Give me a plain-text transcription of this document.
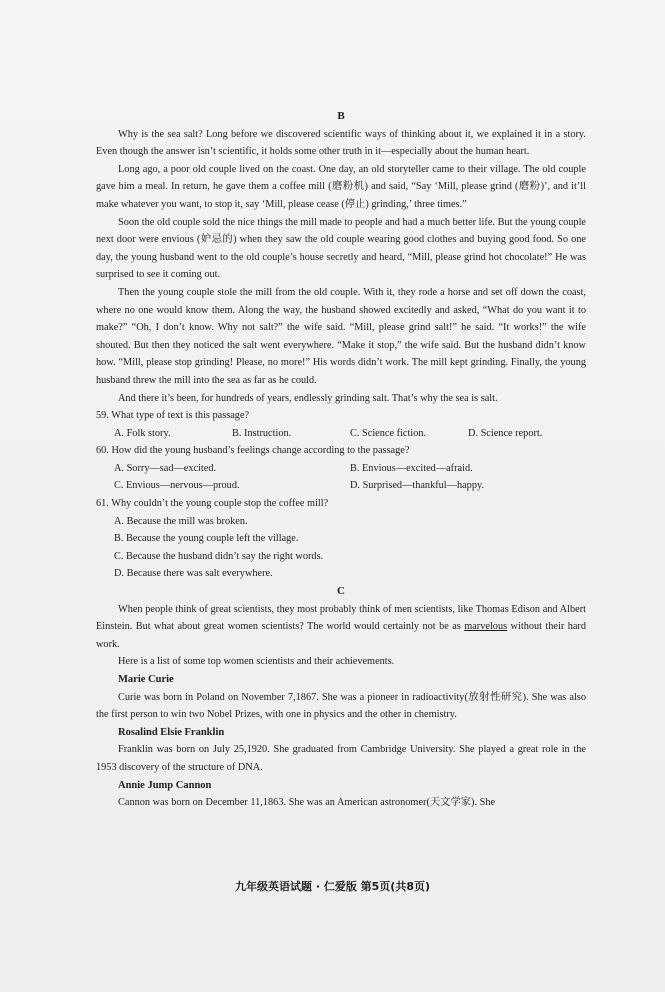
B

Why is the sea salt? Long before we discovered scientific ways of thinking about it, we explained it in a story. Even though the answer isn’t scientific, it holds some other truth in it—especially about the human heart.

Long ago, a poor old couple lived on the coast. One day, an old storyteller came to their village. The old couple gave him a meal. In return, he gave them a coffee mill (磨粉机) and said, “Say ‘Mill, please grind (磨粉)’, and it’ll make whatever you want, to stop it, say ‘Mill, please cease (停止) grinding,’ three times.”

Soon the old couple sold the nice things the mill made to people and had a much better life. But the young couple next door were envious (妒忌的) when they saw the old couple wearing good clothes and buying good food. So one day, the young husband went to the old couple’s house secretly and heard, “Mill, please grind hot chocolate!” He was surprised to see it coming out.

Then the young couple stole the mill from the old couple. With it, they rode a horse and set off down the coast, where no one would know them. Along the way, the husband showed excitedly and asked, “What do you want it to make?” “Oh, I don’t know. Why not salt?” the wife said. “Mill, please grind salt!” he said. “It works!” the wife shouted. But then they noticed the salt went everywhere. “Make it stop,” the wife said. But the husband didn’t know how. “Mill, please stop grinding! Please, no more!” His words didn’t work. The mill kept grinding. Finally, the young husband threw the mill into the sea as far as he could.

And there it’s been, for hundreds of years, endlessly grinding salt. That’s why the sea is salt.

59. What type of text is this passage?

A. Folk story.	B. Instruction.	C. Science fiction.	D. Science report.

60. How did the young husband’s feelings change according to the passage?

A. Sorry—sad—excited.	B. Envious—excited—afraid.
C. Envious—nervous—proud.	D. Surprised—thankful—happy.

61. Why couldn’t the young couple stop the coffee mill?

A. Because the mill was broken.
B. Because the young couple left the village.
C. Because the husband didn’t say the right words.
D. Because there was salt everywhere.

C

When people think of great scientists, they most probably think of men scientists, like Thomas Edison and Albert Einstein. But what about great women scientists? The world would certainly not be as marvelous without their hard work.

Here is a list of some top women scientists and their achievements.

Marie Curie

Curie was born in Poland on November 7,1867. She was a pioneer in radioactivity(放射性研究). She was also the first person to win two Nobel Prizes, with one in physics and the other in chemistry.

Rosalind Elsie Franklin

Franklin was born on July 25,1920. She graduated from Cambridge University. She played a great role in the 1953 discovery of the structure of DNA.

Annie Jump Cannon

Cannon was born on December 11,1863. She was an American astronomer(天文学家). She

九年级英语试题 · 仁爱版 第5页(共8页)
